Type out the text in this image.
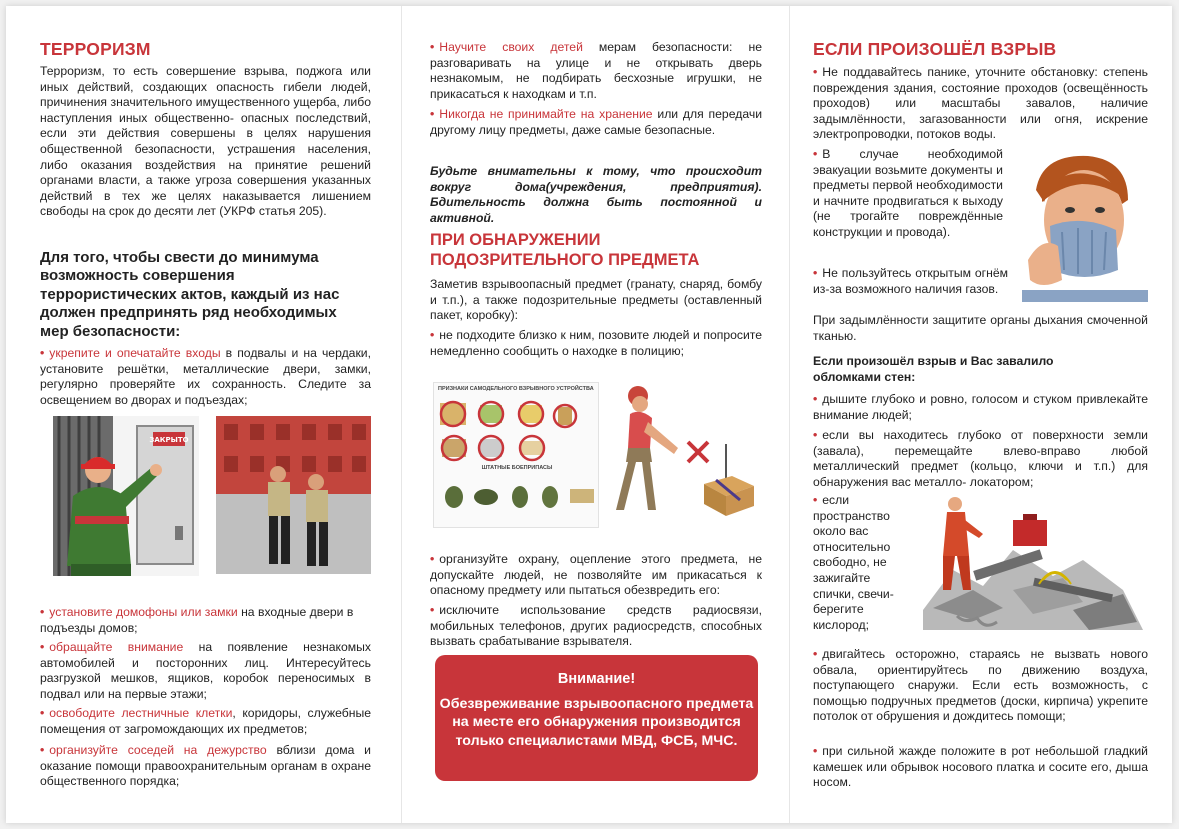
ТЕРРОРИЗМ
Терроризм, то есть совершение взрыва, поджога или иных действий, создающих опасность гибели людей, причинения значительного имущественного ущерба, либо наступления иных общественно- опасных последствий, если эти действия совершены в целях нарушения общественной безопасности, устрашения населения, либо оказания воздействия на принятие решений органами власти, а также угроза совершения указанных действий в тех же целях наказывается лишением свободы на срок до десяти лет (УКРФ статья 205).
Для того, чтобы свести до минимума возможность совершения террористических актов, каждый из нас должен предпринять ряд необходимых мер безопасности:
• укрепите и опечатайте входы в подвалы и на чердаки, установите решётки, металлические двери, замки, регулярно проверяйте их сохранность. Следите за освещением во дворах и подъездах;
ЗАКРЫТО
• установите домофоны или замки на входные двери в подъезды домов;
• обращайте внимание на появление незнакомых автомобилей и посторонних лиц. Интересуйтесь разгрузкой мешков, ящиков, коробок переносимых в подвал или на первые этажи;
• освободите лестничные клетки, коридоры, служебные помещения от загромождающих их предметов;
• организуйте соседей на дежурство вблизи дома и оказание помощи правоохранительным органам в охране общественного порядка;
• Научите своих детей мерам безопасности: не разговаривать на улице и не открывать дверь незнакомым, не подбирать бесхозные игрушки, не прикасаться к находкам и т.п.
• Никогда не принимайте на хранение или для передачи другому лицу предметы, даже самые безопасные.
Будьте внимательны к тому, что происходит вокруг дома(учреждения, предприятия). Бдительность должна быть постоянной и активной.
ПРИ ОБНАРУЖЕНИИ
ПОДОЗРИТЕЛЬНОГО ПРЕДМЕТА
Заметив взрывоопасный предмет (гранату, снаряд, бомбу и т.п.), а также подозрительные предметы (оставленный пакет, коробку):
• не подходите близко к ним, позовите людей и попросите немедленно сообщить о находке в полицию;
ПРИЗНАКИ САМОДЕЛЬНОГО ВЗРЫВНОГО УСТРОЙСТВА
ШТАТНЫЕ БОЕПРИПАСЫ
• организуйте охрану, оцепление этого предмета, не допускайте людей, не позволяйте им прикасаться к опасному предмету или пытаться обезвредить его:
• исключите использование средств радиосвязи, мобильных телефонов, других радиосредств, способных вызвать срабатывание взрывателя.
Внимание!
Обезвреживание взрывоопасного предмета на месте его обнаружения производится только специалистами МВД, ФСБ, МЧС.
ЕСЛИ ПРОИЗОШЁЛ ВЗРЫВ
• Не поддавайтесь панике, уточните обстановку: степень повреждения здания, состояние проходов (освещённость проходов) или масштабы завалов, наличие задымлённости, загазованности или огня, искрение электропроводки, потоков воды.
• В случае необходимой эвакуации возьмите документы и предметы первой необходимости и начните продвигаться к выходу (не трогайте повреждённые конструкции и провода).
• Не пользуйтесь открытым огнём из-за возможного наличия газов.
При задымлённости защитите органы дыхания смоченной тканью.
Если произошёл взрыв и Вас завалило обломками стен:
• дышите глубоко и ровно, голосом и стуком привлекайте внимание людей;
• если вы находитесь глубоко от поверхности земли (завала), перемещайте влево-вправо любой металлический предмет (кольцо, ключи и т.п.) для обнаружения вас металло- локатором;
• если пространство около вас относительно свободно, не зажигайте спички, свечи- берегите кислород;
• двигайтесь осторожно, стараясь не вызвать нового обвала, ориентируйтесь по движению воздуха, поступающего снаружи. Если есть возможность, с помощью подручных предметов (доски, кирпича) укрепите потолок от обрушения и дождитесь помощи;
• при сильной жажде положите в рот небольшой гладкий камешек или обрывок носового платка и сосите его, дыша носом.
